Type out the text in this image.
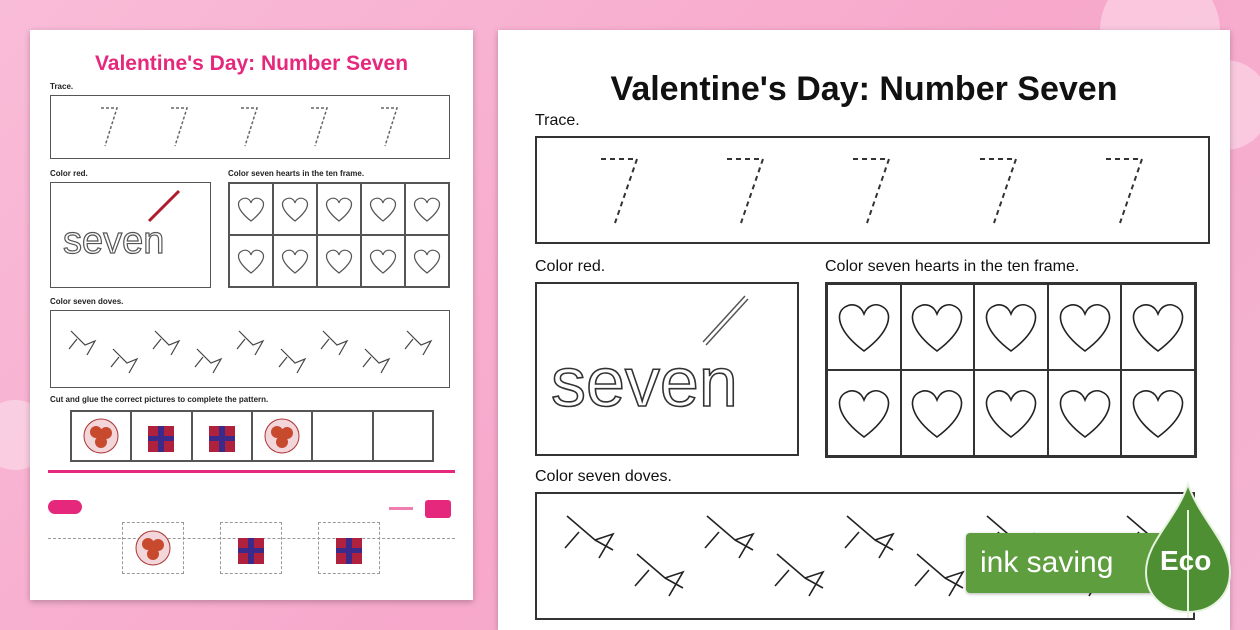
Valentine's Day: Number Seven
Trace.
Color red.
seven
Color seven hearts in the ten frame.
Color seven doves.
Cut and glue the correct pictures to complete the pattern.
Valentine's Day: Number Seven
Trace.
Color red.
seven
Color seven hearts in the ten frame.
Color seven doves.
ink saving Eco
